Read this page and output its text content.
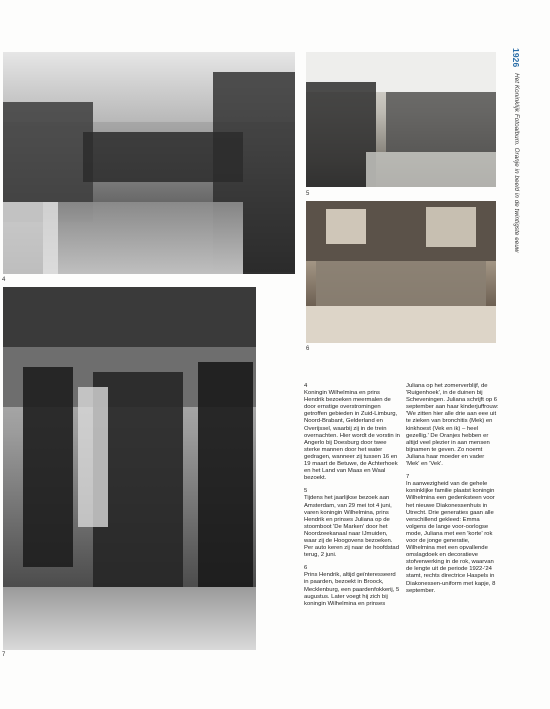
4
5
6
7
1926 Het Koninklijk Fotoalbum. Oranje in beeld in de twintigste eeuw

4
Koningin Wilhelmina en prins Hendrik bezoeken meermalen de door ernstige overstromingen getroffen gebieden in Zuid-Limburg, Noord-Brabant, Gelderland en Overijssel, waarbij zij in de trein overnachten. Hier wordt de vorstin in Angerlo bij Doesburg door twee sterke mannen door het water gedragen, wanneer zij tussen 16 en 19 maart de Betuwe, de Achterhoek en het Land van Maas en Waal bezoekt.

5
Tijdens het jaarlijkse bezoek aan Amsterdam, van 29 mei tot 4 juni, varen koningin Wilhelmina, prins Hendrik en prinses Juliana op de stoomboot 'De Marken' door het Noordzeekanaal naar IJmuiden, waar zij de Hoogovens bezoeken. Per auto keren zij naar de hoofdstad terug, 2 juni.

6
Prins Hendrik, altijd geïnteresseerd in paarden, bezoekt in Broock, Mecklenburg, een paardenfokkerij, 5 augustus. Later voegt hij zich bij koningin Wilhelmina en prinses

Juliana op het zomerverblijf, de 'Ruigenhoek', in de duinen bij Scheveningen. Juliana schrijft op 6 september aan haar kinderjuffrouw: 'We zitten hier alle drie aan eee uit te zieken van bronchitis (Mek) en kinkhoest (Vek en ik) – heel gezellig.' De Oranjes hebben er altijd veel plezier in aan mensen bijnamen te geven. Zo noemt Juliana haar moeder en vader 'Mek' en 'Vek'.

7
In aanwezigheid van de gehele koninklijke familie plaatst koningin Wilhelmina een gedenksteen voor het nieuwe Diakonessenhuis in Utrecht. Drie generaties gaan alle verschillend gekleed: Emma volgens de lange voor-oorlogse mode, Juliana met een 'korte' rok voor de jonge generatie, Wilhelmina met een opvallende omslagdoek en decoratieve stofverwerking in de rok, waarvan de lengte uit de periode 1922-'24 stamt, rechts directrice Haspels in Diakonessen-uniform met kapje, 8 september.
